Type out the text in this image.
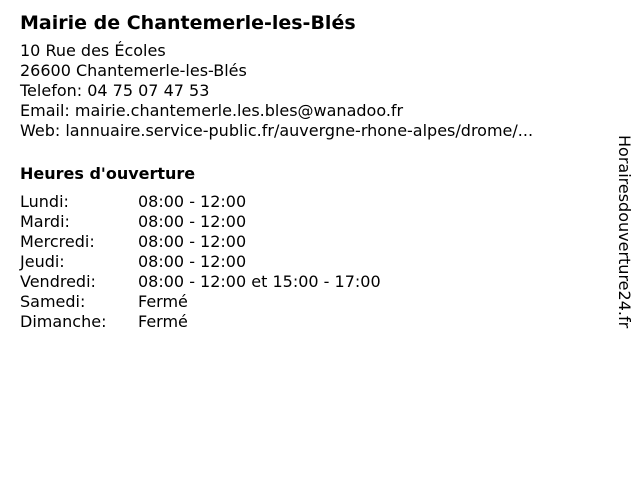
Mairie de Chantemerle-les-Blés
10 Rue des Écoles
26600 Chantemerle-les-Blés
Telefon: 04 75 07 47 53
Email: mairie.chantemerle.les.bles@wanadoo.fr
Web: lannuaire.service-public.fr/auvergne-rhone-alpes/drome/...
Heures d'ouverture
Lundi:	08:00 - 12:00
Mardi:	08:00 - 12:00
Mercredi:	08:00 - 12:00
Jeudi:	08:00 - 12:00
Vendredi:	08:00 - 12:00 et 15:00 - 17:00
Samedi:	Fermé
Dimanche:	Fermé	Horairesdouverture24.fr
